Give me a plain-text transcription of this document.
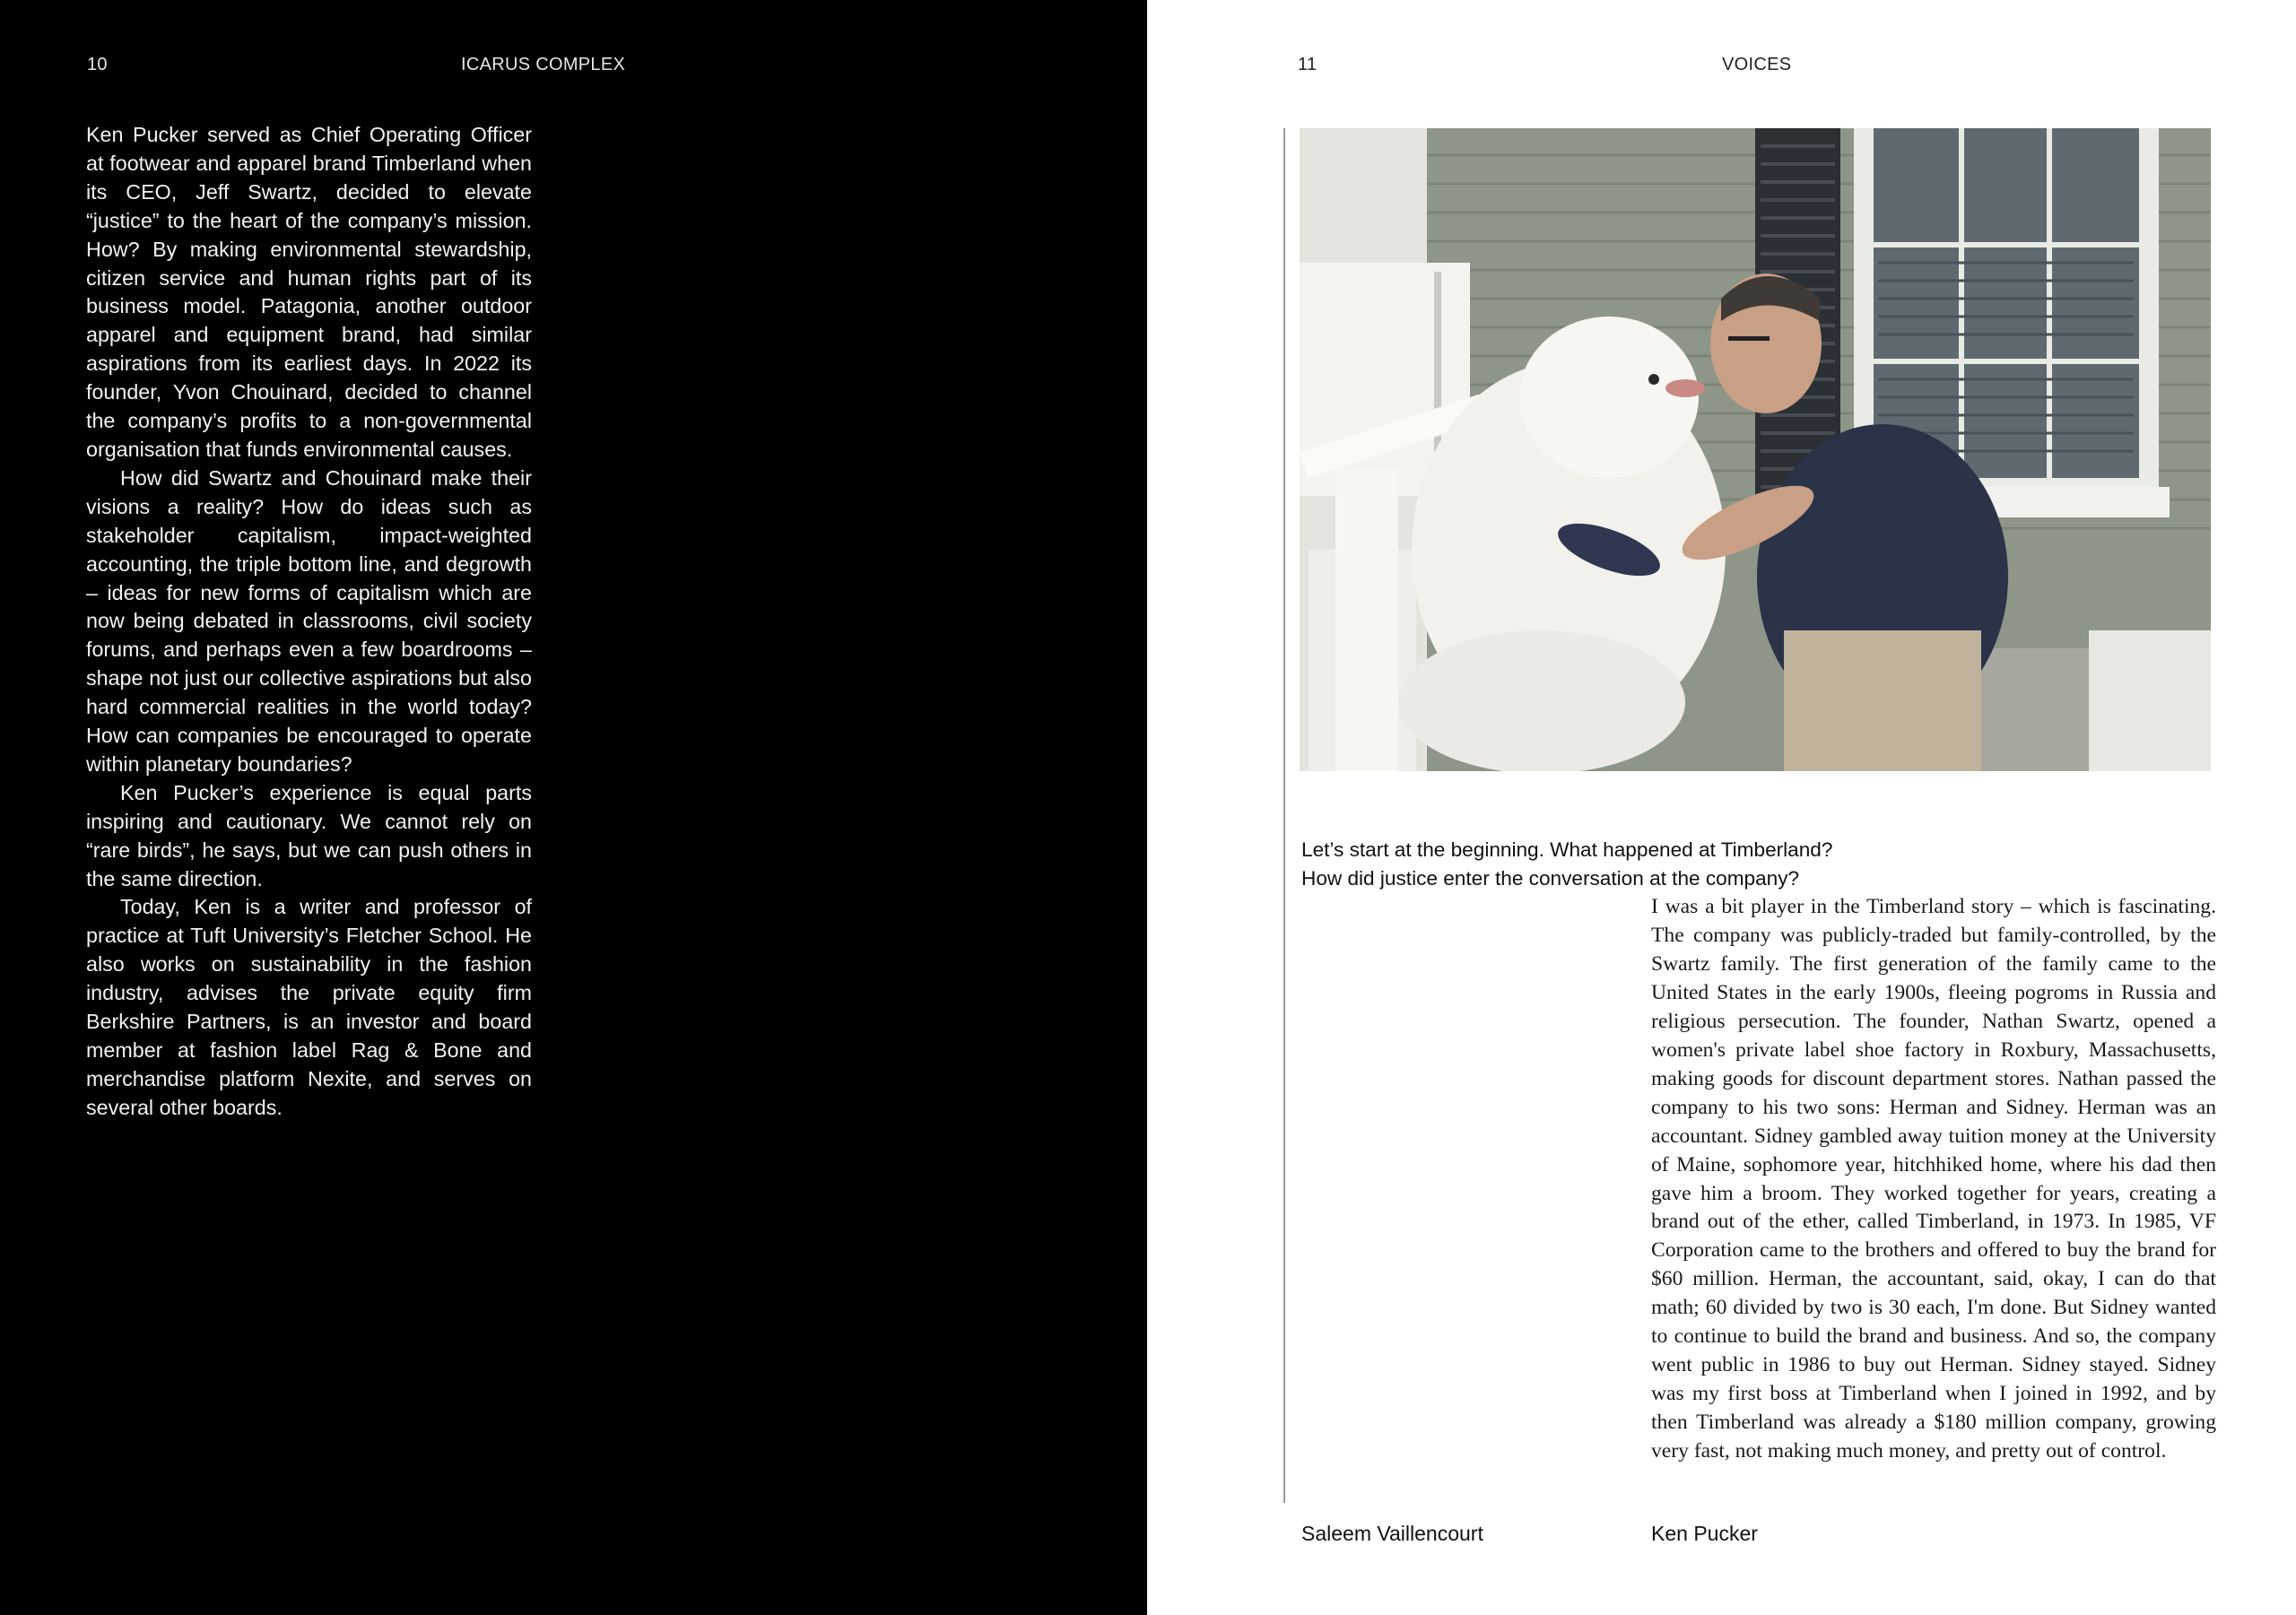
10	ICARUS COMPLEX

Ken Pucker served as Chief Operating Officer at footwear and apparel brand Timberland when its CEO, Jeff Swartz, decided to elevate “justice” to the heart of the company’s mission. How? By making environmental stewardship, citizen service and human rights part of its business model. Patagonia, another outdoor apparel and equipment brand, had similar aspirations from its earliest days. In 2022 its founder, Yvon Chouinard, decided to channel the company’s profits to a non-governmental organisation that funds environmental causes.

How did Swartz and Chouinard make their visions a reality? How do ideas such as stakeholder capitalism, impact-weighted accounting, the triple bottom line, and degrowth – ideas for new forms of capitalism which are now being debated in classrooms, civil society forums, and perhaps even a few boardrooms – shape not just our collective aspirations but also hard commercial realities in the world today? How can companies be encouraged to operate within planetary boundaries?

Ken Pucker’s experience is equal parts inspiring and cautionary. We cannot rely on “rare birds”, he says, but we can push others in the same direction.

Today, Ken is a writer and professor of practice at Tuft University’s Fletcher School. He also works on sustainability in the fashion industry, advises the private equity firm Berkshire Partners, is an investor and board member at fashion label Rag & Bone and merchandise platform Nexite, and serves on several other boards.

11	VOICES
Let’s start at the beginning. What happened at Timberland?
How did justice enter the conversation at the company?

I was a bit player in the Timberland story – which is fascinating. The company was publicly-traded but family-controlled, by the Swartz family. The first generation of the family came to the United States in the early 1900s, fleeing pogroms in Russia and religious persecution. The founder, Nathan Swartz, opened a women's private label shoe factory in Roxbury, Massachusetts, making goods for discount department stores. Nathan passed the company to his two sons: Herman and Sidney. Herman was an accountant. Sidney gambled away tuition money at the University of Maine, sophomore year, hitchhiked home, where his dad then gave him a broom. They worked together for years, creating a brand out of the ether, called Timberland, in 1973. In 1985, VF Corporation came to the brothers and offered to buy the brand for $60 million. Herman, the accountant, said, okay, I can do that math; 60 divided by two is 30 each, I'm done. But Sidney wanted to continue to build the brand and business. And so, the company went public in 1986 to buy out Herman. Sidney stayed. Sidney was my first boss at Timberland when I joined in 1992, and by then Timberland was already a $180 million company, growing very fast, not making much money, and pretty out of control.

Saleem Vaillencourt	Ken Pucker
